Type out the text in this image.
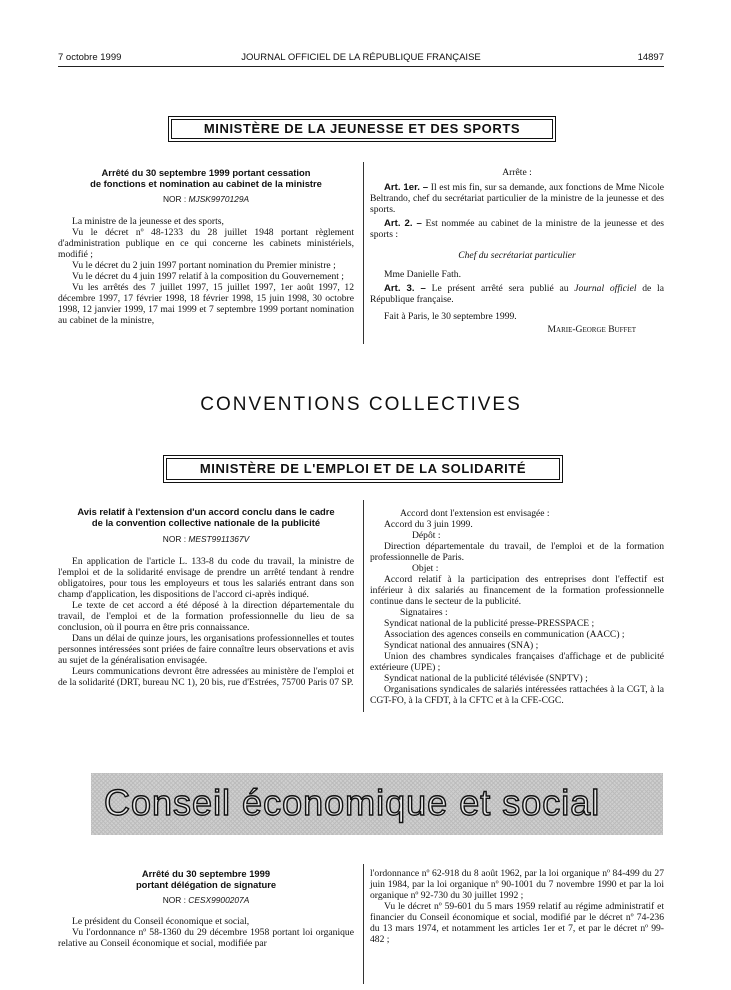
7 octobre 1999	JOURNAL OFFICIEL DE LA RÉPUBLIQUE FRANÇAISE	14897
MINISTÈRE DE LA JEUNESSE ET DES SPORTS
Arrêté du 30 septembre 1999 portant cessation
de fonctions et nomination au cabinet de la ministre
NOR : MJSK9970129A

La ministre de la jeunesse et des sports,

Vu le décret nº 48-1233 du 28 juillet 1948 portant règlement d'administration publique en ce qui concerne les cabinets ministériels, modifié ;

Vu le décret du 2 juin 1997 portant nomination du Premier ministre ;

Vu le décret du 4 juin 1997 relatif à la composition du Gouvernement ;

Vu les arrêtés des 7 juillet 1997, 15 juillet 1997, 1er août 1997, 12 décembre 1997, 17 février 1998, 18 février 1998, 15 juin 1998, 30 octobre 1998, 12 janvier 1999, 17 mai 1999 et 7 septembre 1999 portant nomination au cabinet de la ministre,

Arrête :

Art. 1er. – Il est mis fin, sur sa demande, aux fonctions de Mme Nicole Beltrando, chef du secrétariat particulier de la ministre de la jeunesse et des sports.

Art. 2. – Est nommée au cabinet de la ministre de la jeunesse et des sports :

Chef du secrétariat particulier

Mme Danielle Fath.

Art. 3. – Le présent arrêté sera publié au Journal officiel de la République française.

Fait à Paris, le 30 septembre 1999.

Marie-George Buffet

CONVENTIONS COLLECTIVES
MINISTÈRE DE L'EMPLOI ET DE LA SOLIDARITÉ
Avis relatif à l'extension d'un accord conclu dans le cadre
de la convention collective nationale de la publicité
NOR : MEST9911367V

En application de l'article L. 133-8 du code du travail, la ministre de l'emploi et de la solidarité envisage de prendre un arrêté tendant à rendre obligatoires, pour tous les employeurs et tous les salariés entrant dans son champ d'application, les dispositions de l'accord ci-après indiqué.

Le texte de cet accord a été déposé à la direction départementale du travail, de l'emploi et de la formation professionnelle du lieu de sa conclusion, où il pourra en être pris connaissance.

Dans un délai de quinze jours, les organisations professionnelles et toutes personnes intéressées sont priées de faire connaître leurs observations et avis au sujet de la généralisation envisagée.

Leurs communications devront être adressées au ministère de l'emploi et de la solidarité (DRT, bureau NC 1), 20 bis, rue d'Estrées, 75700 Paris 07 SP.

Accord dont l'extension est envisagée :

Accord du 3 juin 1999.

Dépôt :

Direction départementale du travail, de l'emploi et de la formation professionnelle de Paris.

Objet :

Accord relatif à la participation des entreprises dont l'effectif est inférieur à dix salariés au financement de la formation professionnelle continue dans le secteur de la publicité.

Signataires :

Syndicat national de la publicité presse-PRESSPACE ;

Association des agences conseils en communication (AACC) ;

Syndicat national des annuaires (SNA) ;

Union des chambres syndicales françaises d'affichage et de publicité extérieure (UPE) ;

Syndicat national de la publicité télévisée (SNPTV) ;

Organisations syndicales de salariés intéressées rattachées à la CGT, à la CGT-FO, à la CFDT, à la CFTC et à la CFE-CGC.

Conseil économique et social
Arrêté du 30 septembre 1999
portant délégation de signature
NOR : CESX9900207A

Le président du Conseil économique et social,

Vu l'ordonnance nº 58-1360 du 29 décembre 1958 portant loi organique relative au Conseil économique et social, modifiée par

l'ordonnance nº 62-918 du 8 août 1962, par la loi organique nº 84-499 du 27 juin 1984, par la loi organique nº 90-1001 du 7 novembre 1990 et par la loi organique nº 92-730 du 30 juillet 1992 ;

Vu le décret nº 59-601 du 5 mars 1959 relatif au régime administratif et financier du Conseil économique et social, modifié par le décret nº 74-236 du 13 mars 1974, et notamment les articles 1er et 7, et par le décret nº 99-482 ;
